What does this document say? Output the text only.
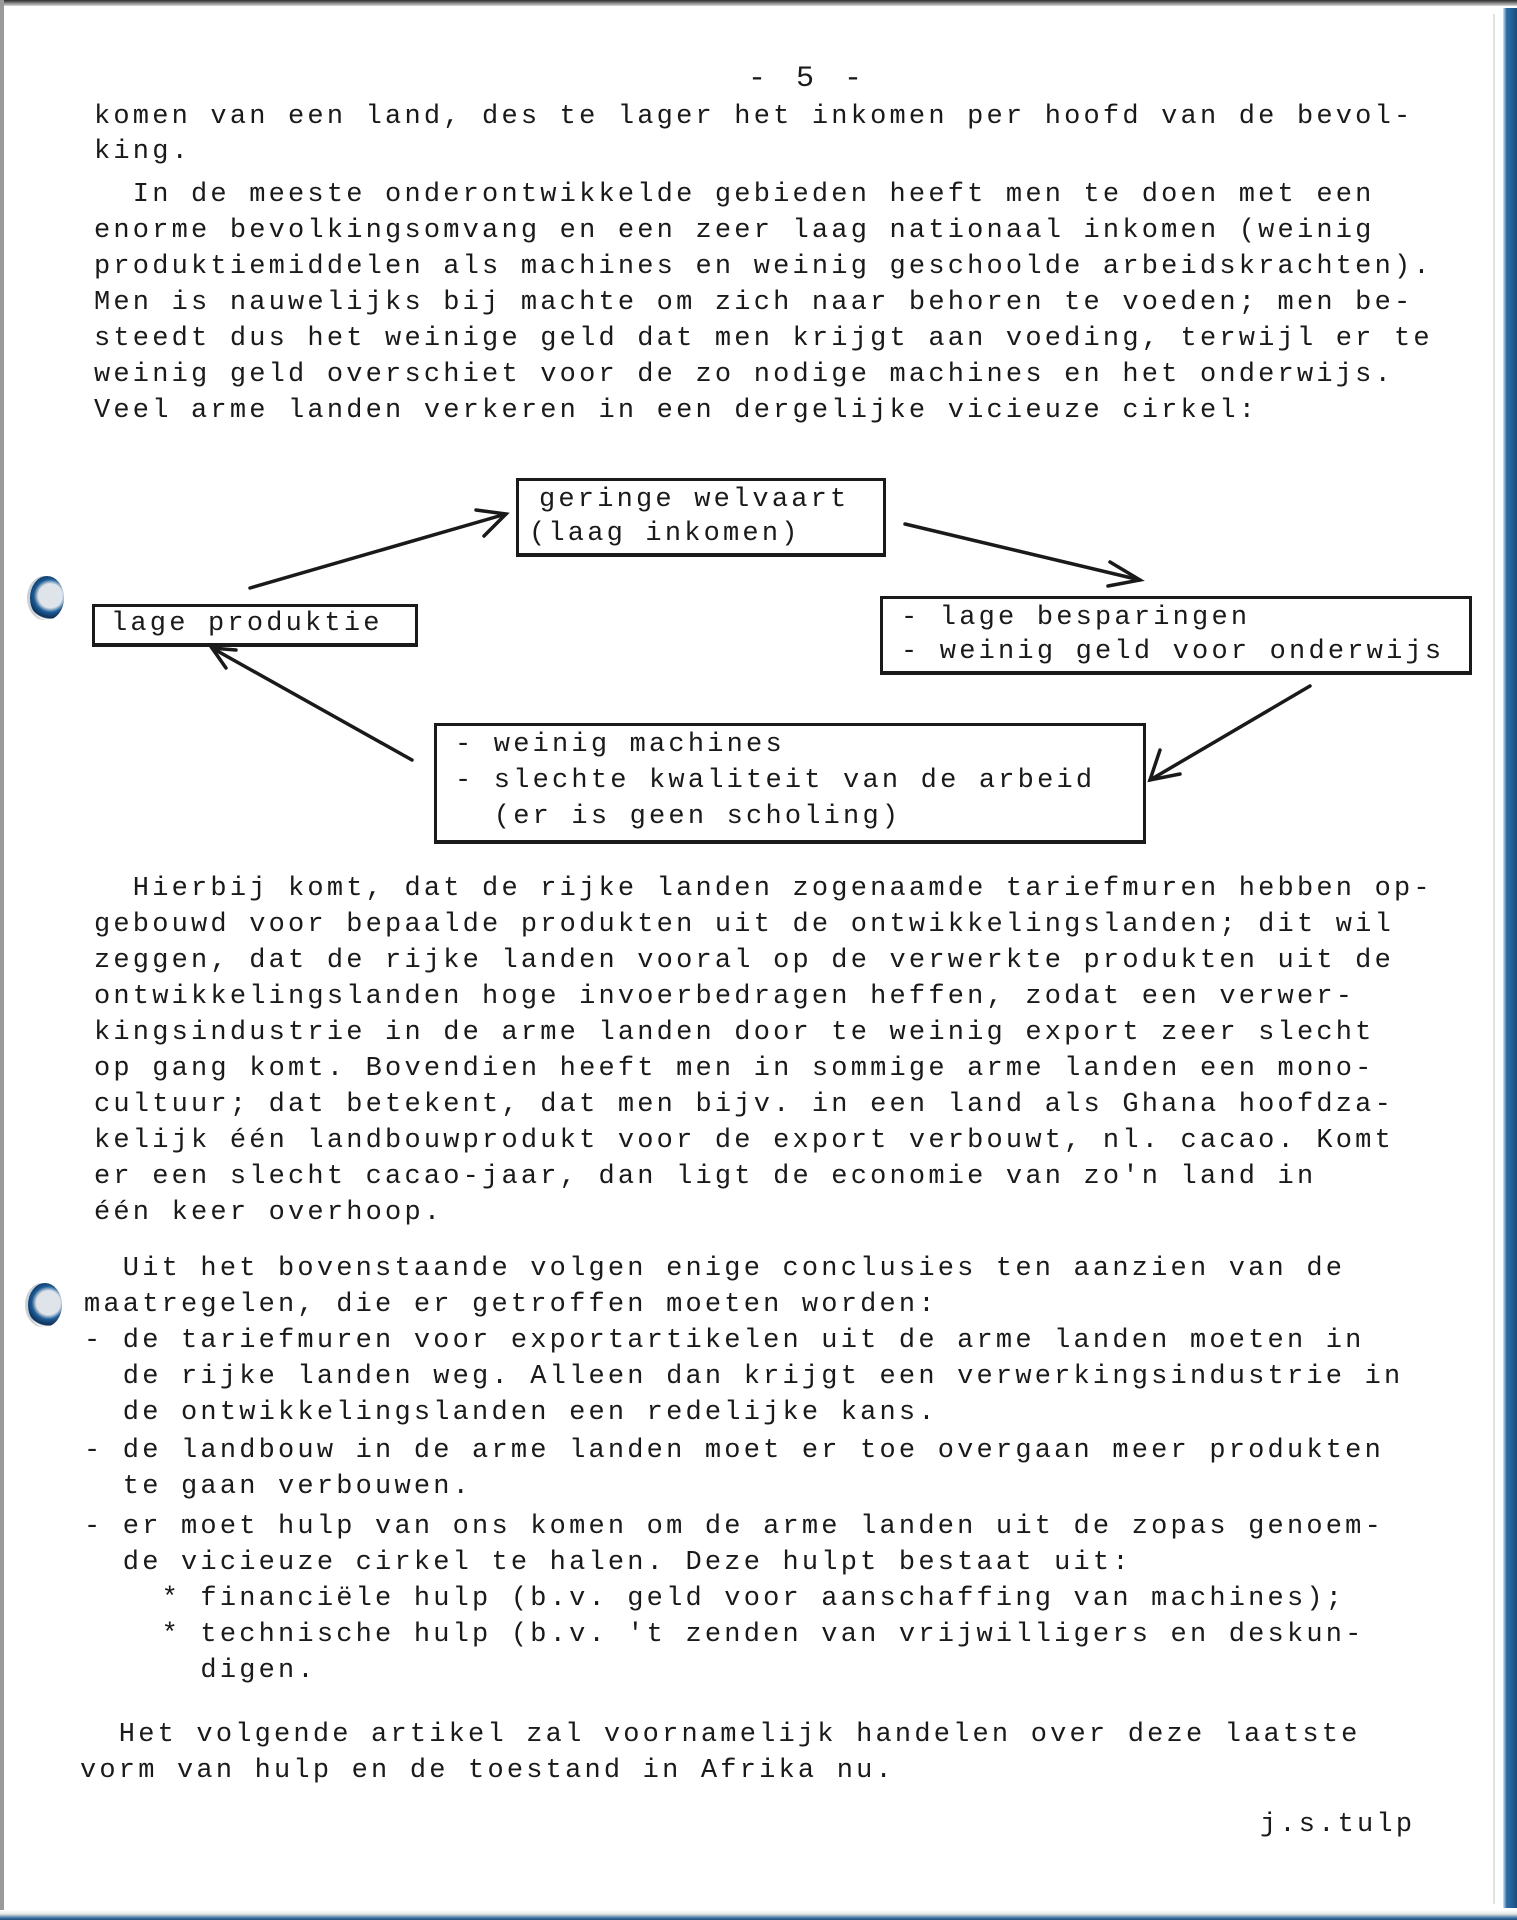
- 5 -
komen van een land, des te lager het inkomen per hoofd van de bevol-
king.
In de meeste onderontwikkelde gebieden heeft men te doen met een
enorme bevolkingsomvang en een zeer laag nationaal inkomen (weinig
produktiemiddelen als machines en weinig geschoolde arbeidskrachten).
Men is nauwelijks bij machte om zich naar behoren te voeden; men be-
steedt dus het weinige geld dat men krijgt aan voeding, terwijl er te
weinig geld overschiet voor de zo nodige machines en het onderwijs.
Veel arme landen verkeren in een dergelijke vicieuze cirkel:
geringe welvaart
(laag inkomen)
- lage besparingen
- weinig geld voor onderwijs
- weinig machines
- slechte kwaliteit van de arbeid
(er is geen scholing)
lage produktie
Hierbij komt, dat de rijke landen zogenaamde tariefmuren hebben op-
gebouwd voor bepaalde produkten uit de ontwikkelingslanden; dit wil
zeggen, dat de rijke landen vooral op de verwerkte produkten uit de
ontwikkelingslanden hoge invoerbedragen heffen, zodat een verwer-
kingsindustrie in de arme landen door te weinig export zeer slecht
op gang komt. Bovendien heeft men in sommige arme landen een mono-
cultuur; dat betekent, dat men bijv. in een land als Ghana hoofdza-
kelijk één landbouwprodukt voor de export verbouwt, nl. cacao. Komt
er een slecht cacao-jaar, dan ligt de economie van zo'n land in
één keer overhoop.
Uit het bovenstaande volgen enige conclusies ten aanzien van de
maatregelen, die er getroffen moeten worden:
- de tariefmuren voor exportartikelen uit de arme landen moeten in
de rijke landen weg. Alleen dan krijgt een verwerkingsindustrie in
de ontwikkelingslanden een redelijke kans.
- de landbouw in de arme landen moet er toe overgaan meer produkten
te gaan verbouwen.
- er moet hulp van ons komen om de arme landen uit de zopas genoem-
de vicieuze cirkel te halen. Deze hulpt bestaat uit:
* financiële hulp (b.v. geld voor aanschaffing van machines);
* technische hulp (b.v. 't zenden van vrijwilligers en deskun-
digen.
Het volgende artikel zal voornamelijk handelen over deze laatste
vorm van hulp en de toestand in Afrika nu.
j.s.tulp
